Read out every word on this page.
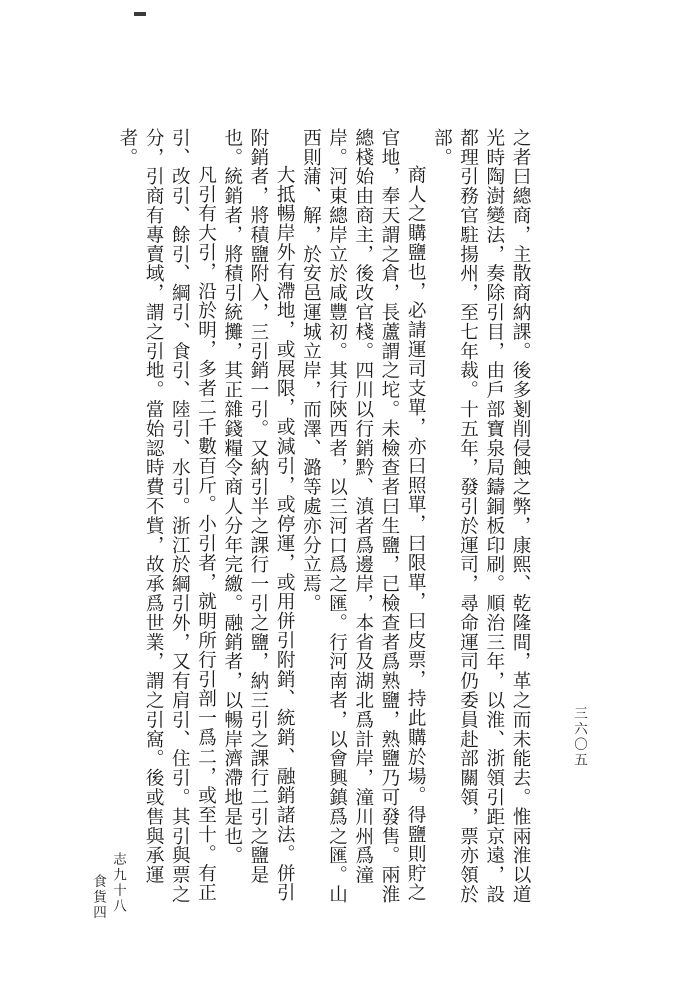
之者曰總商，主散商納課。後多剗削侵蝕之弊，康熙、乾隆間，革之而未能去。惟兩淮以道光時陶澍變法，奏除引目，由戶部寶泉局鑄銅板印刷。順治三年，以淮、浙領引距京遠，設都理引務官駐揚州，至七年裁。十五年，發引於運司，尋命運司仍委員赴部關領，票亦領於部。

商人之購鹽也，必請運司支單，亦曰照單，曰限單，曰皮票，持此購於場。得鹽則貯之官地，奉天謂之倉，長蘆謂之坨。未檢查者曰生鹽，已檢查者爲熟鹽，熟鹽乃可發售。兩淮總棧始由商主，後改官棧。四川以行銷黔、滇者爲邊岸，本省及湖北爲計岸，潼川州爲潼岸。河東總岸立於咸豐初。其行陝西者，以三河口爲之匯。行河南者，以會興鎮爲之匯。山西則蒲、解，於安邑運城立岸，而澤、潞等處亦分立焉。

大抵暢岸外有滯地，或展限，或減引，或停運，或用併引附銷、統銷、融銷諸法。併引附銷者，將積鹽附入，三引銷一引。又納引半之課行一引之鹽，納三引之課行二引之鹽是也。統銷者，將積引統攤，其正雜錢糧令商人分年完繳。融銷者，以暢岸濟滯地是也。

凡引有大引，沿於明，多者二千數百斤。小引者，就明所行引剖一爲二，或至十。有正引、改引、餘引、綱引、食引、陸引、水引。浙江於綱引外，又有肩引、住引。其引與票之分，引商有專賣域，謂之引地。當始認時費不貲，故承爲世業，謂之引窩。後或售與承運者。

三六〇五
志九十八
食貨四
